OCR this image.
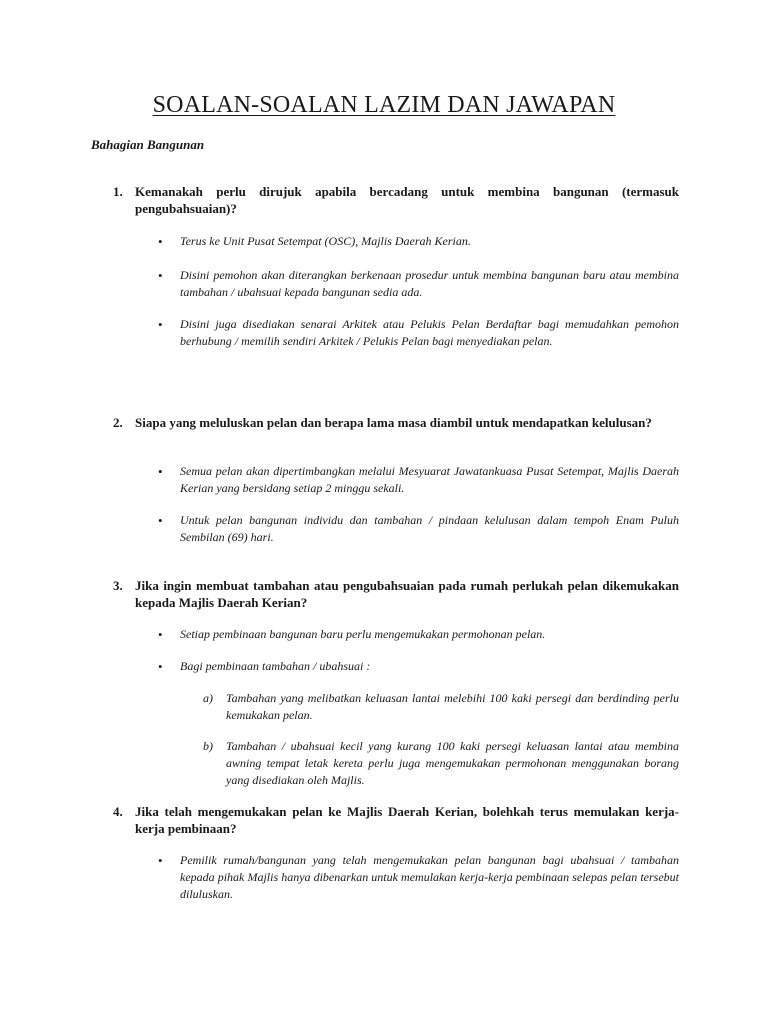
SOALAN-SOALAN LAZIM DAN JAWAPAN

Bahagian Bangunan

1. Kemanakah perlu dirujuk apabila bercadang untuk membina bangunan (termasuk pengubahsuaian)?
• Terus ke Unit Pusat Setempat (OSC), Majlis Daerah Kerian.
• Disini pemohon akan diterangkan berkenaan prosedur untuk membina bangunan baru atau membina tambahan / ubahsuai kepada bangunan sedia ada.
• Disini juga disediakan senarai Arkitek atau Pelukis Pelan Berdaftar bagi memudahkan pemohon berhubung / memilih sendiri Arkitek / Pelukis Pelan bagi menyediakan pelan.
2. Siapa yang meluluskan pelan dan berapa lama masa diambil untuk mendapatkan kelulusan?
• Semua pelan akan dipertimbangkan melalui Mesyuarat Jawatankuasa Pusat Setempat, Majlis Daerah Kerian yang bersidang setiap 2 minggu sekali.
• Untuk pelan bangunan individu dan tambahan / pindaan kelulusan dalam tempoh Enam Puluh Sembilan (69) hari.
3. Jika ingin membuat tambahan atau pengubahsuaian pada rumah perlukah pelan dikemukakan kepada Majlis Daerah Kerian?
• Setiap pembinaan bangunan baru perlu mengemukakan permohonan pelan.
• Bagi pembinaan tambahan / ubahsuai :
a) Tambahan yang melibatkan keluasan lantai melebihi 100 kaki persegi dan berdinding perlu kemukakan pelan.
b) Tambahan / ubahsuai kecil yang kurang 100 kaki persegi keluasan lantai atau membina awning tempat letak kereta perlu juga mengemukakan permohonan menggunakan borang yang disediakan oleh Majlis.
4. Jika telah mengemukakan pelan ke Majlis Daerah Kerian, bolehkah terus memulakan kerja-kerja pembinaan?
• Pemilik rumah/bangunan yang telah mengemukakan pelan bangunan bagi ubahsuai / tambahan kepada pihak Majlis hanya dibenarkan untuk memulakan kerja-kerja pembinaan selepas pelan tersebut diluluskan.
